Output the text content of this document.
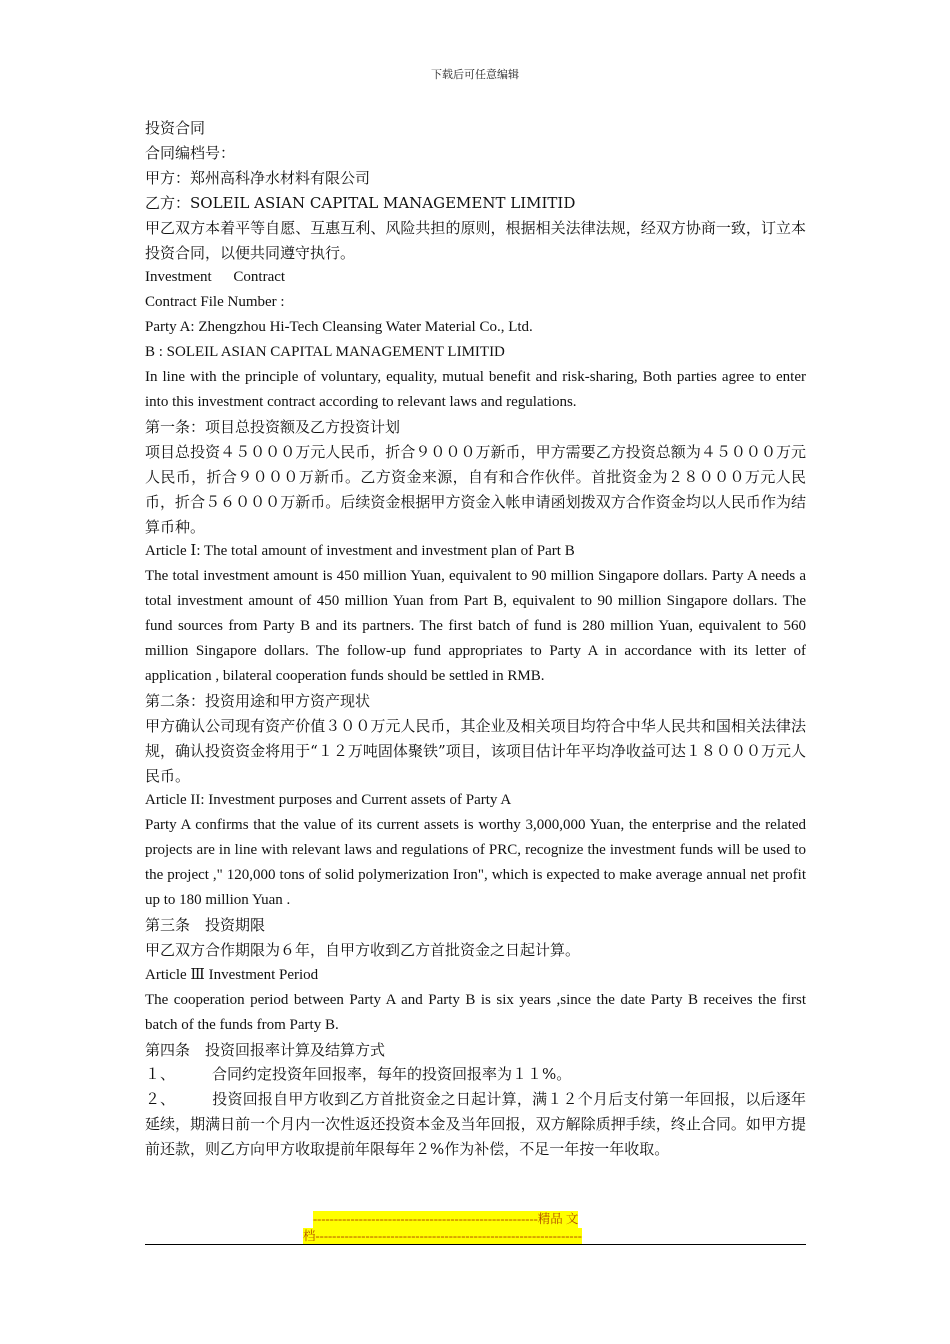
下载后可任意编辑

投资合同

合同编档号：

甲方：郑州高科净水材料有限公司

乙方：SOLEIL ASIAN CAPITAL MANAGEMENT LIMITID

甲乙双方本着平等自愿、互惠互利、风险共担的原则，根据相关法律法规，经双方协商一致，订立本投资合同，以便共同遵守执行。

Investment Contract

Contract File Number :

Party A: Zhengzhou Hi-Tech Cleansing Water Material Co., Ltd.

B : SOLEIL ASIAN CAPITAL MANAGEMENT LIMITID

In line with the principle of voluntary, equality, mutual benefit and risk-sharing, Both parties agree to enter into this investment contract according to relevant laws and regulations.

第一条：项目总投资额及乙方投资计划

项目总投资４５０００万元人民币，折合９０００万新币，甲方需要乙方投资总额为４５０００万元人民币，折合９０００万新币。乙方资金来源，自有和合作伙伴。首批资金为２８０００万元人民币，折合５６０００万新币。后续资金根据甲方资金入帐申请函划拨双方合作资金均以人民币作为结算币种。

Article Ⅰ: The total amount of investment and investment plan of Part B

The total investment amount is 450 million Yuan, equivalent to 90 million Singapore dollars. Party A needs a total investment amount of 450 million Yuan from Part B, equivalent to 90 million Singapore dollars. The fund sources from Party B and its partners. The first batch of fund is 280 million Yuan, equivalent to 560 million Singapore dollars. The follow-up fund appropriates to Party A in accordance with its letter of application , bilateral cooperation funds should be settled in RMB.

第二条：投资用途和甲方资产现状

甲方确认公司现有资产价值３００万元人民币，其企业及相关项目均符合中华人民共和国相关法律法规，确认投资资金将用于“１２万吨固体聚铁”项目，该项目估计年平均净收益可达１８０００万元人民币。

Article II: Investment purposes and Current assets of Party A

Party A confirms that the value of its current assets is worthy 3,000,000 Yuan, the enterprise and the related projects are in line with relevant laws and regulations of PRC, recognize the investment funds will be used to the project ," 120,000 tons of solid polymerization Iron", which is expected to make average annual net profit up to 180 million Yuan .

第三条　投资期限

甲乙双方合作期限为６年，自甲方收到乙方首批资金之日起计算。

Article Ⅲ Investment Period

The cooperation period between Party A and Party B is six years ,since the date Party B receives the first batch of the funds from Party B.

第四条　投资回报率计算及结算方式

１、 合同约定投资年回报率，每年的投资回报率为１１%。

２、 投资回报自甲方收到乙方首批资金之日起计算，满１２个月后支付第一年回报，以后逐年延续，期满日前一个月内一次性返还投资本金及当年回报，双方解除质押手续，终止合同。如甲方提前还款，则乙方向甲方收取提前年限每年２%作为补偿，不足一年按一年收取。

------------------------------------------------------精品 文
档----------------------------------------------------------------
